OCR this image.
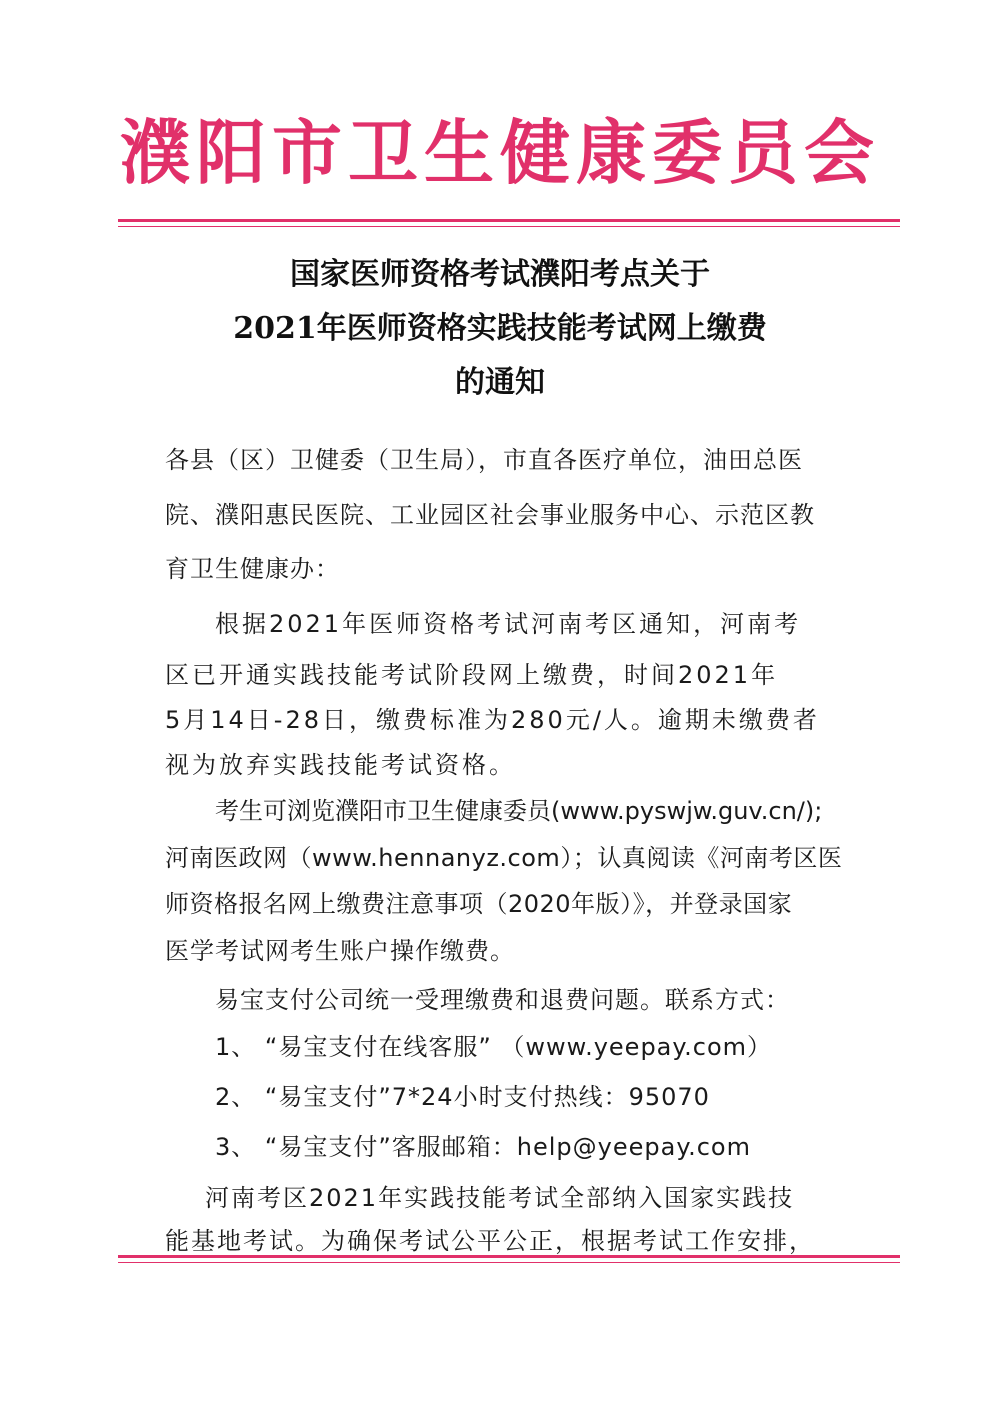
濮阳市卫生健康委员会
国家医师资格考试濮阳考点关于
2021年医师资格实践技能考试网上缴费
的通知
各县（区）卫健委（卫生局），市直各医疗单位，油田总医
院、濮阳惠民医院、工业园区社会事业服务中心、示范区教
育卫生健康办：
根据2021年医师资格考试河南考区通知，河南考
区已开通实践技能考试阶段网上缴费，时间2021年
5月14日-28日，缴费标准为280元/人。逾期未缴费者
视为放弃实践技能考试资格。
考生可浏览濮阳市卫生健康委员(www.pyswjw.guv.cn/);
河南医政网（www.hennanyz.com）；认真阅读《河南考区医
师资格报名网上缴费注意事项（2020年版）》，并登录国家
医学考试网考生账户操作缴费。
易宝支付公司统一受理缴费和退费问题。联系方式：
1、 “易宝支付在线客服” （www.yeepay.com）
2、 “易宝支付”7*24小时支付热线：95070
3、 “易宝支付”客服邮箱：help@yeepay.com
河南考区2021年实践技能考试全部纳入国家实践技
能基地考试。为确保考试公平公正，根据考试工作安排，
